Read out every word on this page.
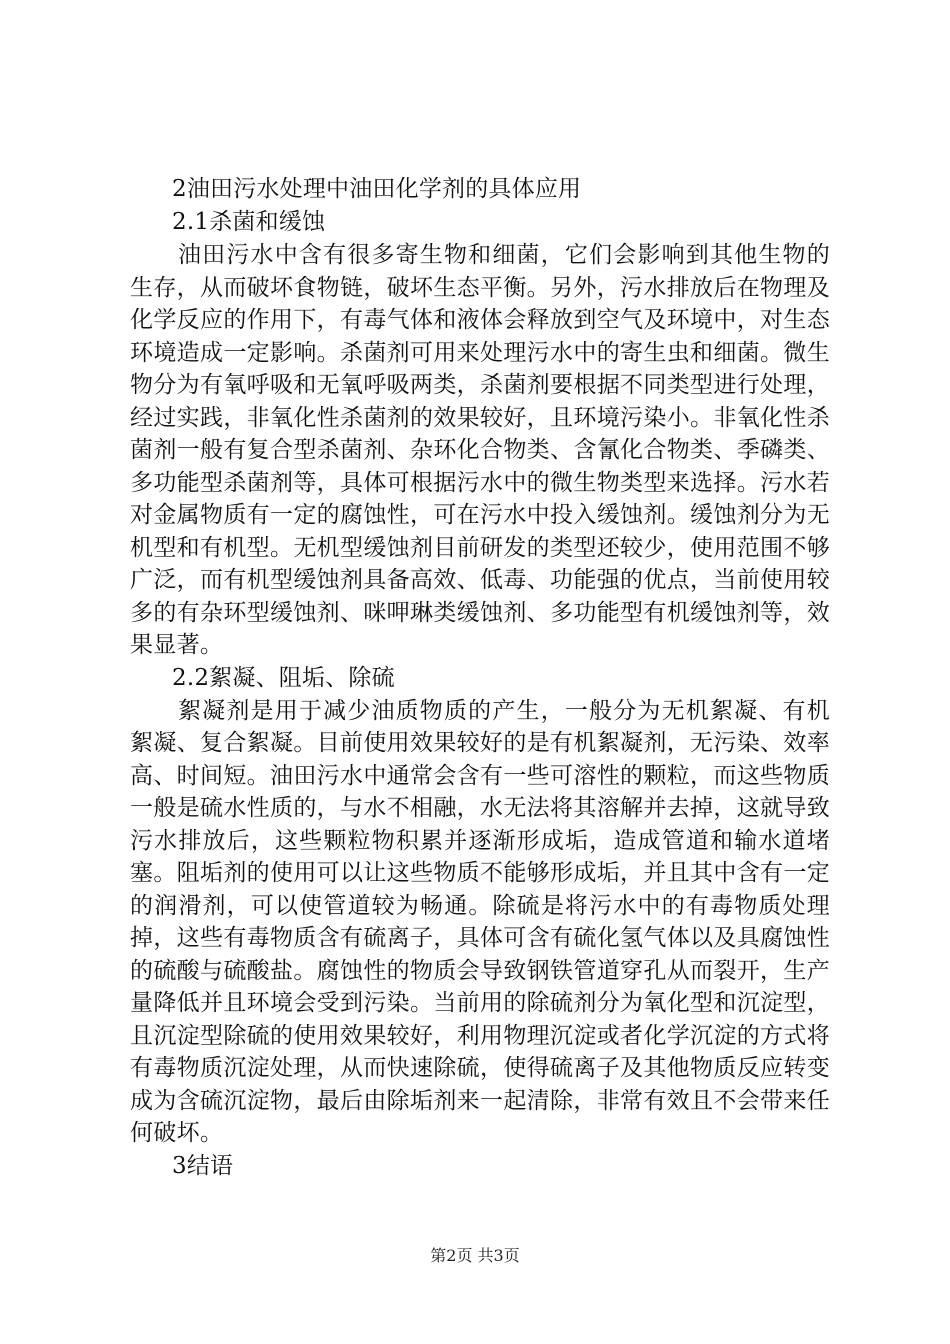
2油田污水处理中油田化学剂的具体应用
2.1杀菌和缓蚀

油田污水中含有很多寄生物和细菌，它们会影响到其他生物的生存，从而破坏食物链，破坏生态平衡。另外，污水排放后在物理及化学反应的作用下，有毒气体和液体会释放到空气及环境中，对生态环境造成一定影响。杀菌剂可用来处理污水中的寄生虫和细菌。微生物分为有氧呼吸和无氧呼吸两类，杀菌剂要根据不同类型进行处理，经过实践，非氧化性杀菌剂的效果较好，且环境污染小。非氧化性杀菌剂一般有复合型杀菌剂、杂环化合物类、含氰化合物类、季磷类、多功能型杀菌剂等，具体可根据污水中的微生物类型来选择。污水若对金属物质有一定的腐蚀性，可在污水中投入缓蚀剂。缓蚀剂分为无机型和有机型。无机型缓蚀剂目前研发的类型还较少，使用范围不够广泛，而有机型缓蚀剂具备高效、低毒、功能强的优点，当前使用较多的有杂环型缓蚀剂、咪呷琳类缓蚀剂、多功能型有机缓蚀剂等，效果显著。

2.2絮凝、阻垢、除硫

絮凝剂是用于减少油质物质的产生，一般分为无机絮凝、有机絮凝、复合絮凝。目前使用效果较好的是有机絮凝剂，无污染、效率高、时间短。油田污水中通常会含有一些可溶性的颗粒，而这些物质一般是硫水性质的，与水不相融，水无法将其溶解并去掉，这就导致污水排放后，这些颗粒物积累并逐渐形成垢，造成管道和输水道堵塞。阻垢剂的使用可以让这些物质不能够形成垢，并且其中含有一定的润滑剂，可以使管道较为畅通。除硫是将污水中的有毒物质处理掉，这些有毒物质含有硫离子，具体可含有硫化氢气体以及具腐蚀性的硫酸与硫酸盐。腐蚀性的物质会导致钢铁管道穿孔从而裂开，生产量降低并且环境会受到污染。当前用的除硫剂分为氧化型和沉淀型，且沉淀型除硫的使用效果较好，利用物理沉淀或者化学沉淀的方式将有毒物质沉淀处理，从而快速除硫，使得硫离子及其他物质反应转变成为含硫沉淀物，最后由除垢剂来一起清除，非常有效且不会带来任何破坏。

3结语
第2页 共3页
